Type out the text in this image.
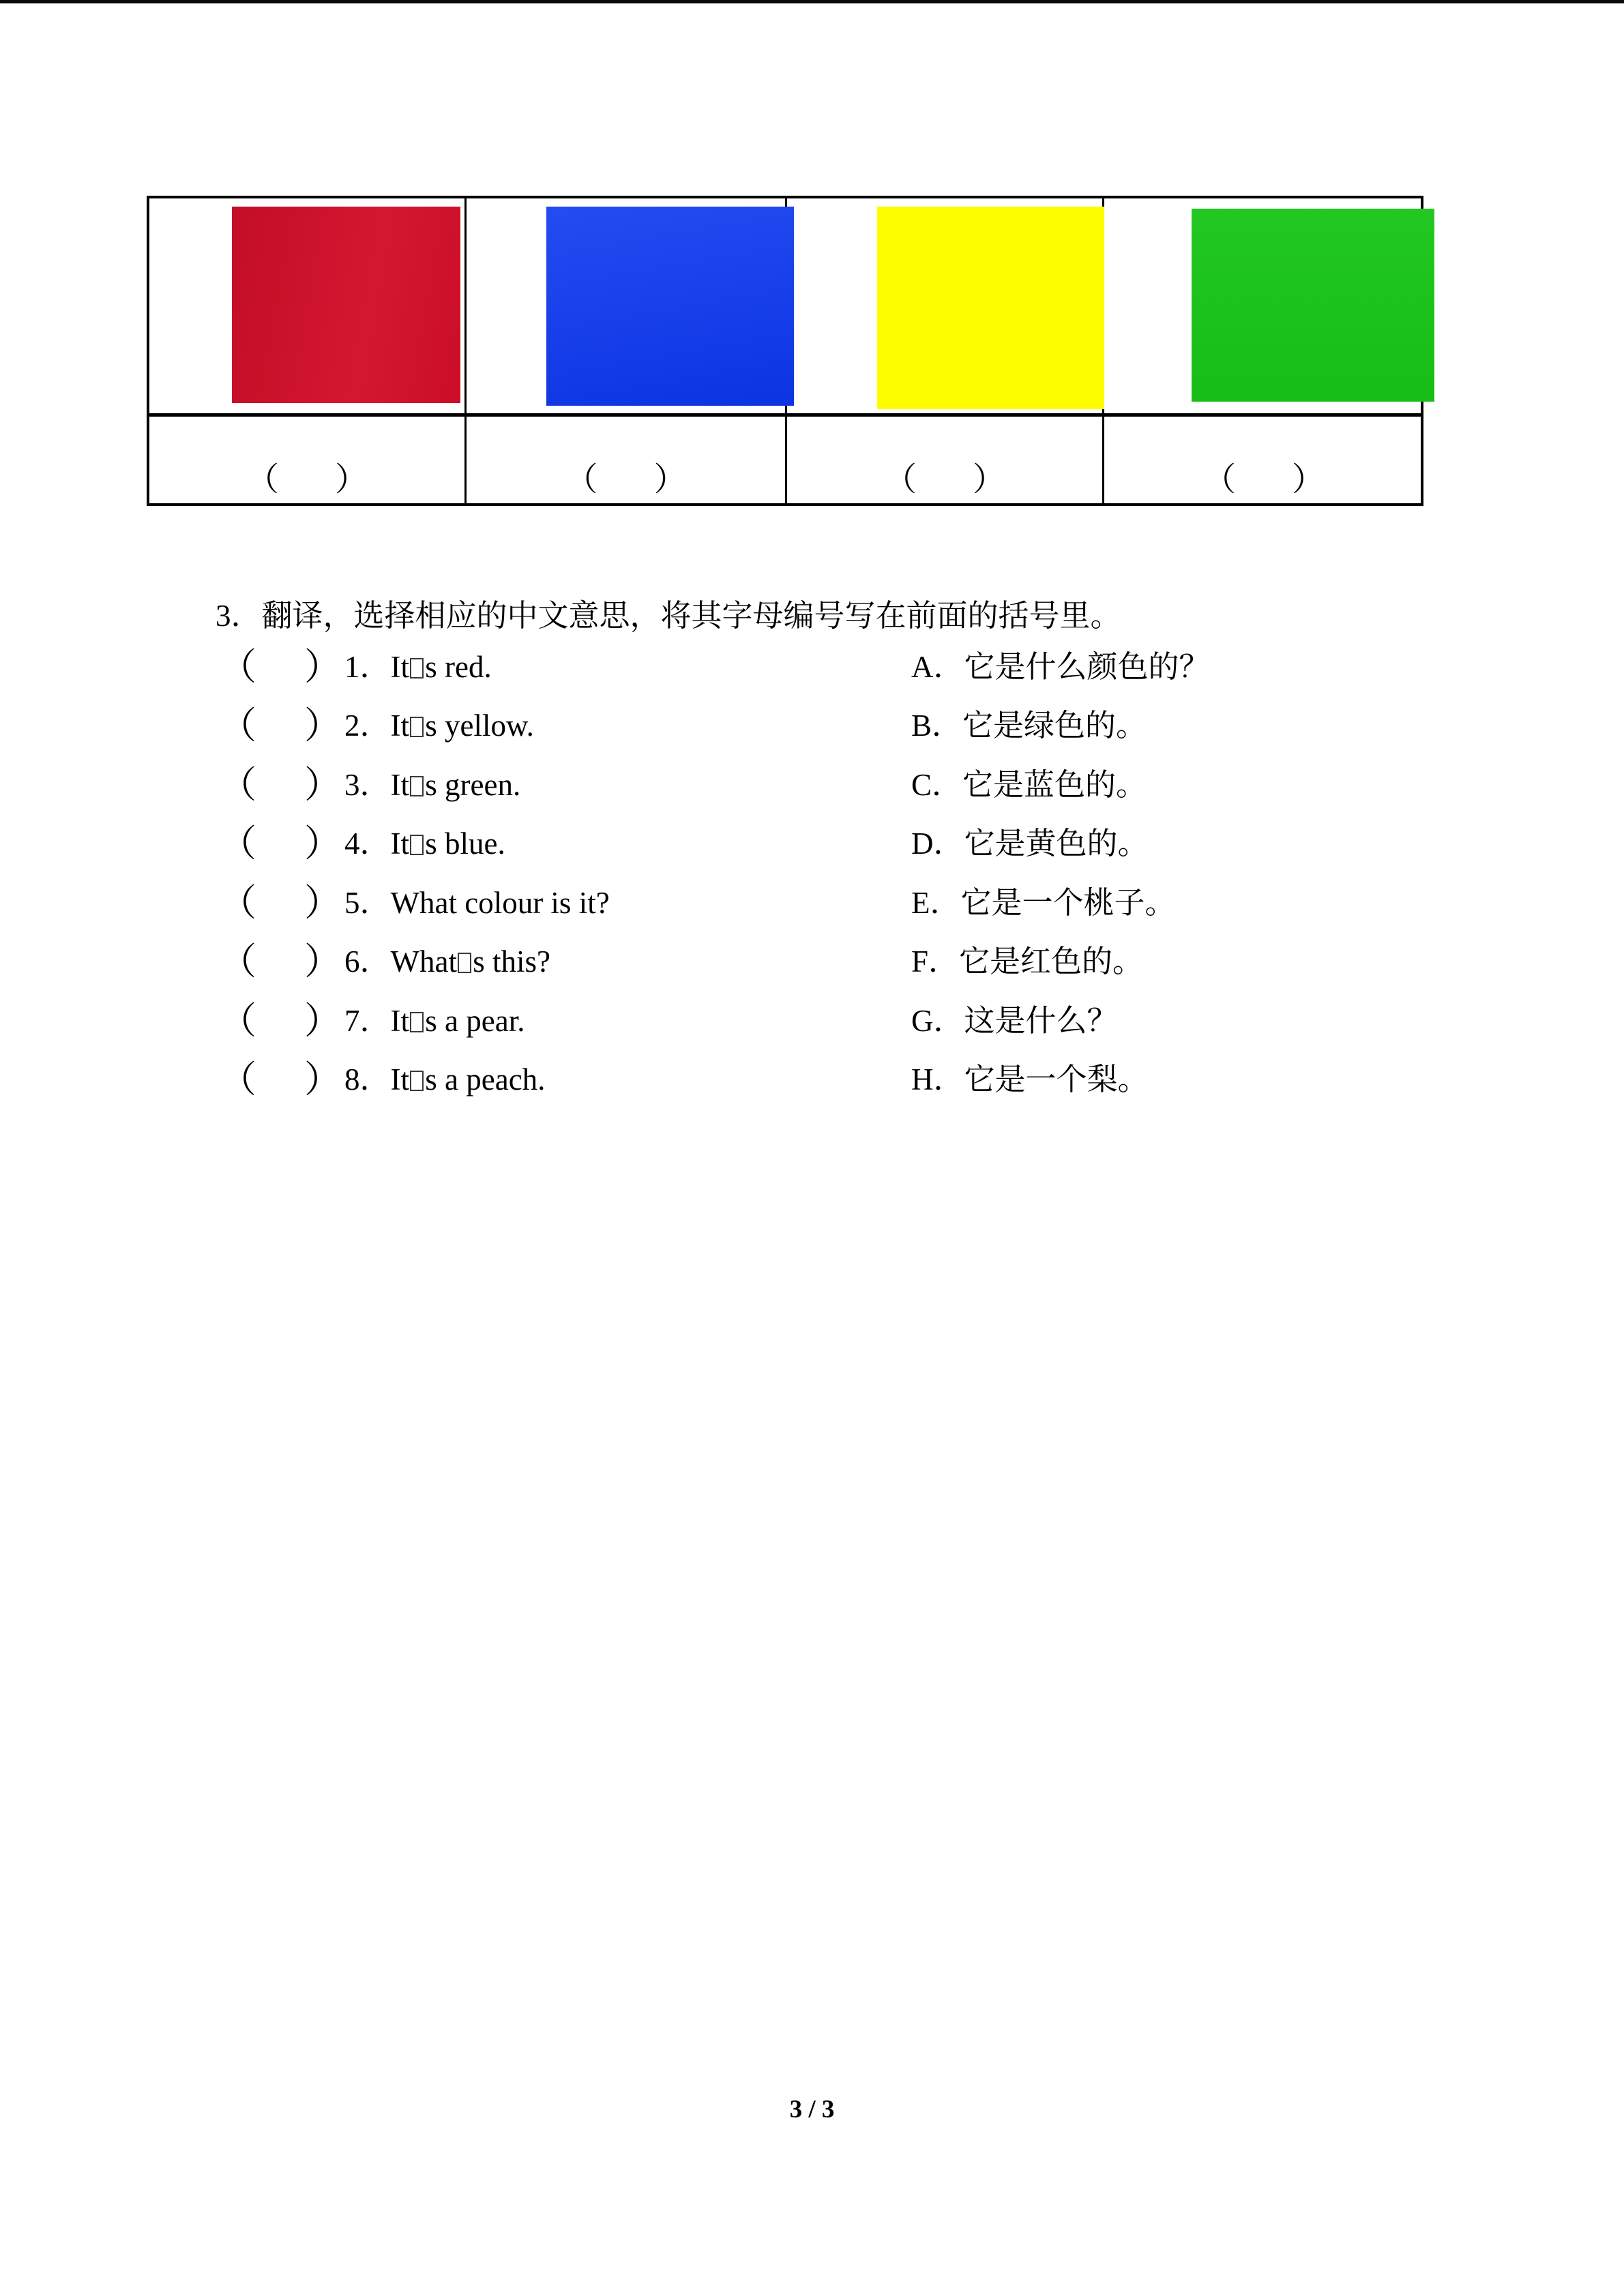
（ ）	（ ）	（ ）	（ ）
3．翻译，选择相应的中文意思，将其字母编号写在前面的括号里。
（ ） 1．It s red.	A．它是什么颜色的？
（ ） 2．It s yellow.	B．它是绿色的。
（ ） 3．It s green.	C．它是蓝色的。
（ ） 4．It s blue.	D．它是黄色的。
（ ） 5．What colour is it?	E．它是一个桃子。
（ ） 6．What s this?	F．它是红色的。
（ ） 7．It s a pear.	G．这是什么？
（ ） 8．It s a peach.	H．它是一个梨。
3 / 3
